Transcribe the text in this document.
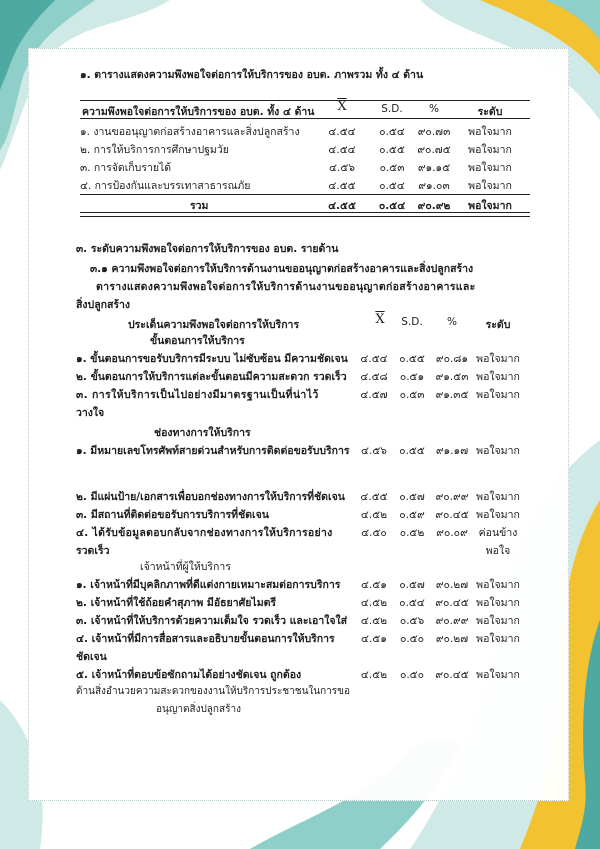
๑. ตารางแสดงความพึงพอใจต่อการให้บริการของ อบต. ภาพรวม ทั้ง ๔ ด้าน
ความพึงพอใจต่อการให้บริการของ อบต. ทั้ง ๔ ด้าน	$\overline{X}$	S.D.	%	ระดับ
๑. งานขออนุญาตก่อสร้างอาคารและสิ่งปลูกสร้าง	๔.๕๔	๐.๕๔	๙๐.๗๓	พอใจมาก
๒. การให้บริการการศึกษาปฐมวัย	๔.๕๔	๐.๕๕	๙๐.๗๕	พอใจมาก
๓. การจัดเก็บรายได้	๔.๕๖	๐.๕๓	๙๑.๑๕	พอใจมาก
๔. การป้องกันและบรรเทาสาธารณภัย	๔.๕๕	๐.๕๔	๙๑.๐๓	พอใจมาก
รวม	๔.๕๕	๐.๕๔	๙๐.๙๒	พอใจมาก
๓. ระดับความพึงพอใจต่อการให้บริการของ อบต. รายด้าน
๓.๑ ความพึงพอใจต่อการให้บริการด้านงานขออนุญาตก่อสร้างอาคารและสิ่งปลูกสร้าง
ตารางแสดงความพึงพอใจต่อการให้บริการด้านงานขออนุญาตก่อสร้างอาคารและ
สิ่งปลูกสร้าง
ประเด็นความพึงพอใจต่อการให้บริการ	$\overline{X}$	S.D.	%	ระดับ
ขั้นตอนการให้บริการ
๑. ขั้นตอนการขอรับบริการมีระบบ ไม่ซับซ้อน มีความชัดเจน	๔.๕๔	๐.๕๕	๙๐.๘๑ พอใจมาก
๒. ขั้นตอนการให้บริการแต่ละขั้นตอนมีความสะดวก รวดเร็ว	๔.๕๘	๐.๕๑	๙๑.๕๓ พอใจมาก
๓. การให้บริการเป็นไปอย่างมีมาตรฐานเป็นที่น่าไว้
วางใจ
๔.๕๗	๐.๕๓	๙๑.๓๕ พอใจมาก
ช่องทางการให้บริการ
๑. มีหมายเลขโทรศัพท์สายด่วนสำหรับการติดต่อขอรับบริการ	๔.๕๖	๐.๕๕	๙๑.๑๗ พอใจมาก
๒. มีแผ่นป้าย/เอกสารเพื่อบอกช่องทางการให้บริการที่ชัดเจน	๔.๕๕	๐.๕๗	๙๐.๙๙ พอใจมาก
๓. มีสถานที่ติดต่อขอรับการบริการที่ชัดเจน	๔.๕๒	๐.๕๙	๙๐.๔๕ พอใจมาก
๔. ได้รับข้อมูลตอบกลับจากช่องทางการให้บริการอย่าง
รวดเร็ว
๔.๕๐	๐.๕๒	๙๐.๐๙	ค่อนข้าง
พอใจ
เจ้าหน้าที่ผู้ให้บริการ
๑. เจ้าหน้าที่มีบุคลิกภาพที่ดีแต่งกายเหมาะสมต่อการบริการ	๔.๕๑	๐.๕๗	๙๐.๒๗ พอใจมาก
๒. เจ้าหน้าที่ใช้ถ้อยคำสุภาพ มีอัธยาศัยไมตรี	๔.๕๒	๐.๕๔	๙๐.๔๕ พอใจมาก
๓. เจ้าหน้าที่ให้บริการด้วยความเต็มใจ รวดเร็ว และเอาใจใส่	๔.๕๒	๐.๕๖	๙๐.๙๙ พอใจมาก
๔. เจ้าหน้าที่มีการสื่อสารและอธิบายขั้นตอนการให้บริการ
ชัดเจน
๔.๕๑	๐.๕๐	๙๐.๒๗ พอใจมาก
๕. เจ้าหน้าที่ตอบข้อซักถามได้อย่างชัดเจน ถูกต้อง	๔.๕๒	๐.๕๐	๙๐.๔๕ พอใจมาก
ด้านสิ่งอำนวยความสะดวกของงานให้บริการประชาชนในการขอ
อนุญาตสิ่งปลูกสร้าง
